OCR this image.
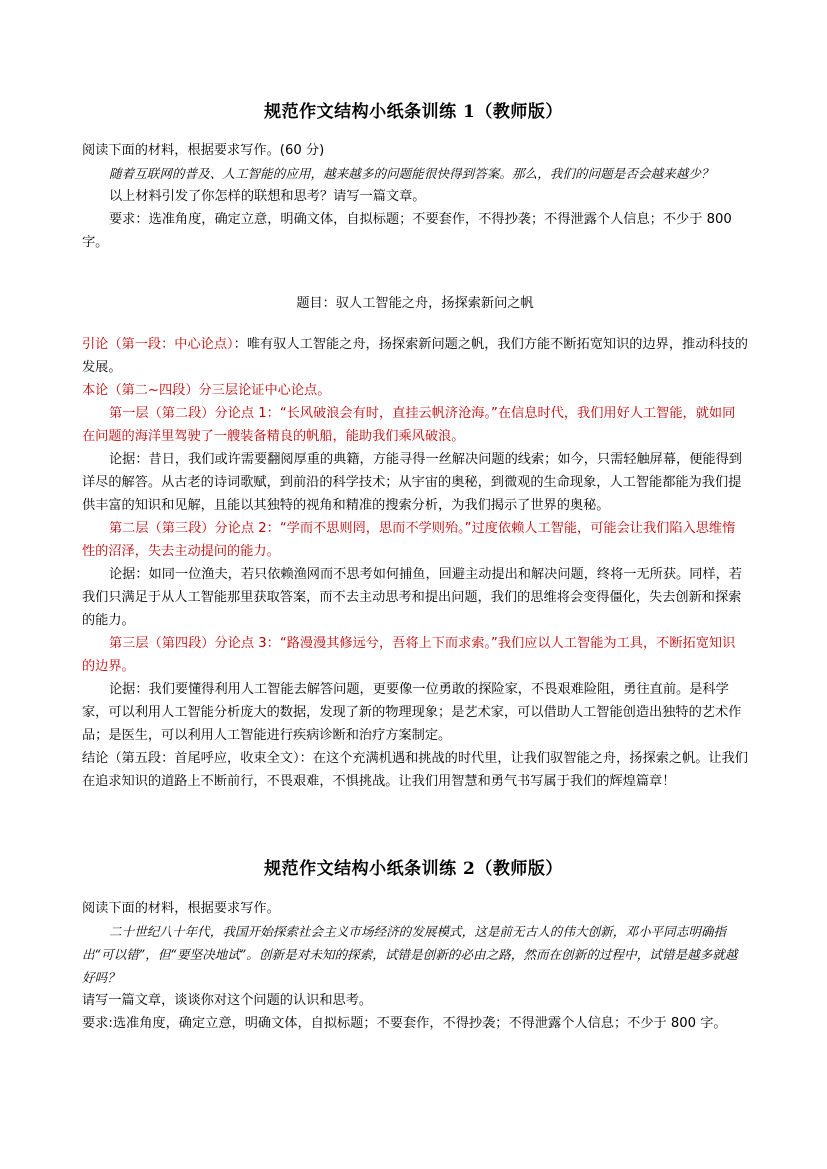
规范作文结构小纸条训练 1（教师版）

阅读下面的材料，根据要求写作。(60 分)

随着互联网的普及、人工智能的应用，越来越多的问题能很快得到答案。那么，我们的问题是否会越来越少？

以上材料引发了你怎样的联想和思考？请写一篇文章。

要求：选准角度，确定立意，明确文体，自拟标题；不要套作，不得抄袭；不得泄露个人信息；不少于 800 字。

题目：驭人工智能之舟，扬探索新问之帆

引论（第一段：中心论点）：唯有驭人工智能之舟，扬探索新问题之帆，我们方能不断拓宽知识的边界，推动科技的发展。

本论（第二~四段）分三层论证中心论点。

第一层（第二段）分论点 1：“长风破浪会有时，直挂云帆济沧海。”在信息时代，我们用好人工智能，就如同在问题的海洋里驾驶了一艘装备精良的帆船，能助我们乘风破浪。

论据：昔日，我们或许需要翻阅厚重的典籍，方能寻得一丝解决问题的线索；如今，只需轻触屏幕，便能得到详尽的解答。从古老的诗词歌赋，到前沿的科学技术；从宇宙的奥秘，到微观的生命现象，人工智能都能为我们提供丰富的知识和见解，且能以其独特的视角和精准的搜索分析，为我们揭示了世界的奥秘。

第二层（第三段）分论点 2：“学而不思则罔，思而不学则殆。”过度依赖人工智能，可能会让我们陷入思维惰性的沼泽，失去主动提问的能力。

论据：如同一位渔夫，若只依赖渔网而不思考如何捕鱼，回避主动提出和解决问题，终将一无所获。同样，若我们只满足于从人工智能那里获取答案，而不去主动思考和提出问题，我们的思维将会变得僵化，失去创新和探索的能力。

第三层（第四段）分论点 3：“路漫漫其修远兮，吾将上下而求索。”我们应以人工智能为工具，不断拓宽知识的边界。

论据：我们要懂得利用人工智能去解答问题，更要像一位勇敢的探险家，不畏艰难险阻，勇往直前。是科学家，可以利用人工智能分析庞大的数据，发现了新的物理现象；是艺术家，可以借助人工智能创造出独特的艺术作品；是医生，可以利用人工智能进行疾病诊断和治疗方案制定。

结论（第五段：首尾呼应，收束全文）：在这个充满机遇和挑战的时代里，让我们驭智能之舟，扬探索之帆。让我们在追求知识的道路上不断前行，不畏艰难，不惧挑战。让我们用智慧和勇气书写属于我们的辉煌篇章！

规范作文结构小纸条训练 2（教师版）

阅读下面的材料，根据要求写作。

二十世纪八十年代，我国开始探索社会主义市场经济的发展模式，这是前无古人的伟大创新，邓小平同志明确指出“可以错”，但“要坚决地试”。创新是对未知的探索，试错是创新的必由之路，然而在创新的过程中，试错是越多就越好吗？

请写一篇文章，谈谈你对这个问题的认识和思考。

要求:选准角度，确定立意，明确文体，自拟标题；不要套作，不得抄袭；不得泄露个人信息；不少于 800 字。
